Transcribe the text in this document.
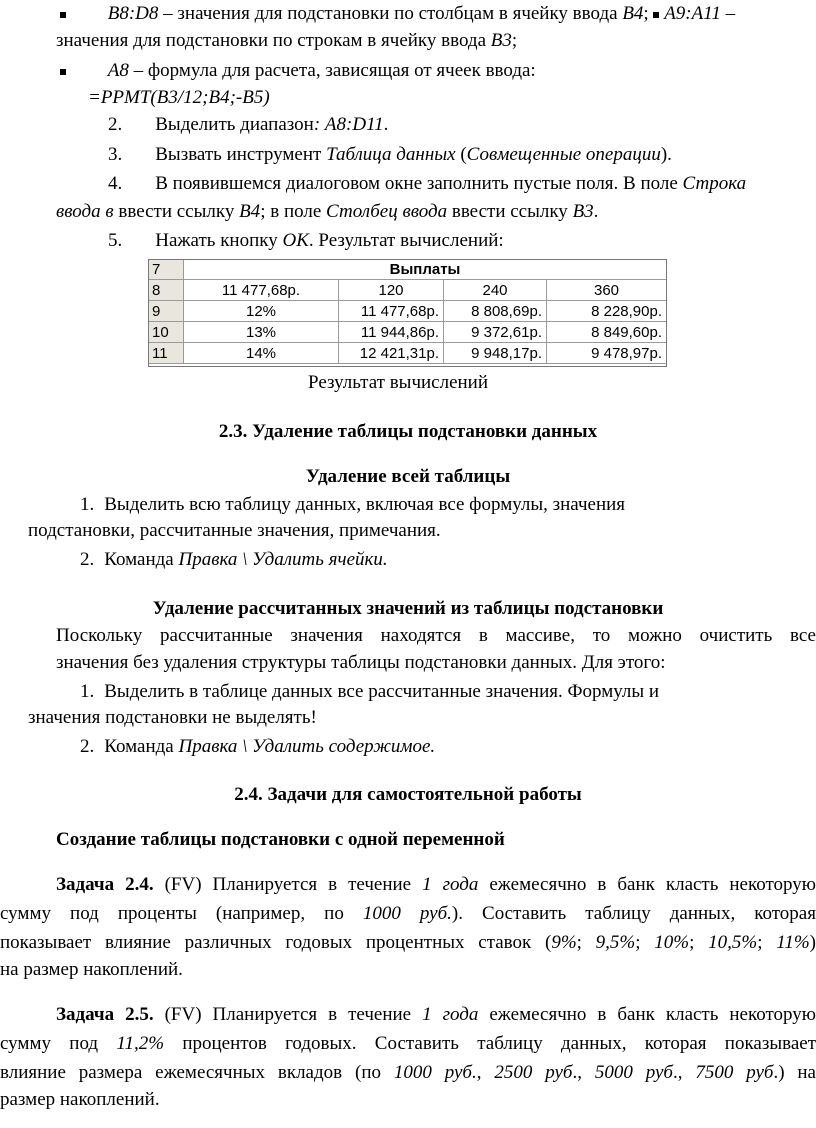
B8:D8 – значения для подстановки по столбцам в ячейку ввода B4; A9:A11 –
значения для подстановки по строкам в ячейку ввода B3;
A8 – формула для расчета, зависящая от ячеек ввода:
=PPMT(B3/12;B4;-B5)
2. Выделить диапазон: A8:D11.
3. Вызвать инструмент Таблица данных (Совмещенные операции).
4. В появившемся диалоговом окне заполнить пустые поля. В поле Строка
ввода в ввести ссылку B4; в поле Столбец ввода ввести ссылку B3.
5. Нажать кнопку OK. Результат вычислений:
7	Выплаты
8	11 477,68р.	120	240	360
9	12%	11 477,68р.	8 808,69р.	8 228,90р.
10	13%	11 944,86р.	9 372,61р.	8 849,60р.
11	14%	12 421,31р.	9 948,17р.	9 478,97р.
Результат вычислений
2.3. Удаление таблицы подстановки данных
Удаление всей таблицы
1. Выделить всю таблицу данных, включая все формулы, значения
подстановки, рассчитанные значения, примечания.
2. Команда Правка \ Удалить ячейки.
Удаление рассчитанных значений из таблицы подстановки
Поскольку рассчитанные значения находятся в массиве, то можно очистить все
значения без удаления структуры таблицы подстановки данных. Для этого:
1. Выделить в таблице данных все рассчитанные значения. Формулы и
значения подстановки не выделять!
2. Команда Правка \ Удалить содержимое.
2.4. Задачи для самостоятельной работы
Создание таблицы подстановки с одной переменной
Задача 2.4. (FV) Планируется в течение 1 года ежемесячно в банк класть некоторую
сумму под проценты (например, по 1000 руб.). Составить таблицу данных, которая
показывает влияние различных годовых процентных ставок (9%; 9,5%; 10%; 10,5%; 11%)
на размер накоплений.
Задача 2.5. (FV) Планируется в течение 1 года ежемесячно в банк класть некоторую
сумму под 11,2% процентов годовых. Составить таблицу данных, которая показывает
влияние размера ежемесячных вкладов (по 1000 руб., 2500 руб., 5000 руб., 7500 руб.) на
размер накоплений.
